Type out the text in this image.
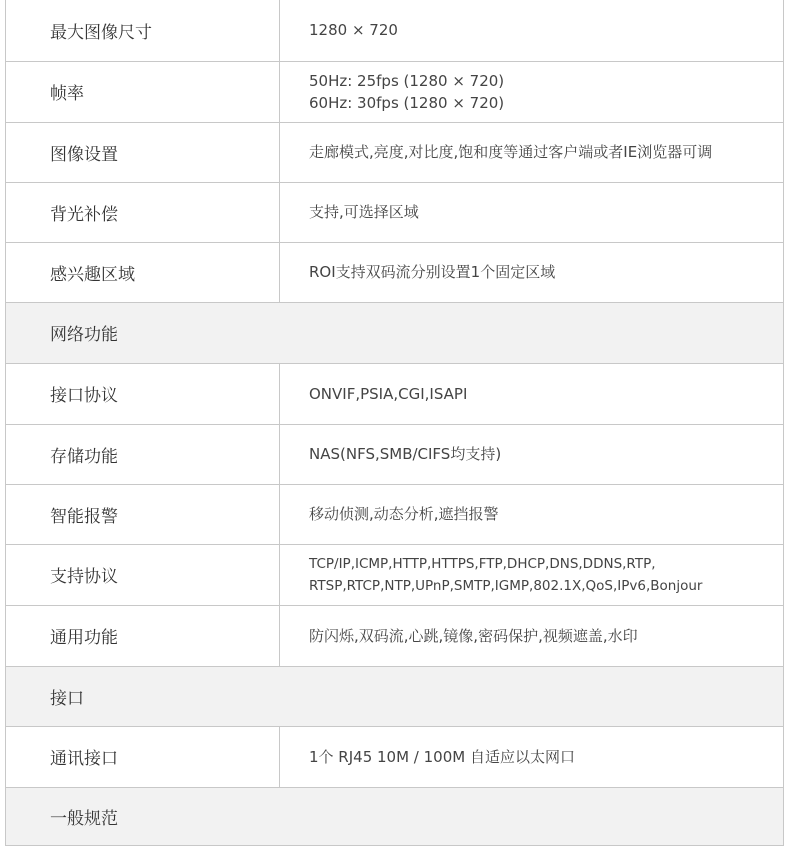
最大图像尺寸	1280 × 720

帧率	50Hz: 25fps (1280 × 720)
60Hz: 30fps (1280 × 720)

图像设置	走廊模式,亮度,对比度,饱和度等通过客户端或者IE浏览器可调

背光补偿	支持,可选择区域

感兴趣区域	ROI支持双码流分别设置1个固定区域

网络功能	
接口协议	ONVIF,PSIA,CGI,ISAPI

存储功能	NAS(NFS,SMB/CIFS均支持)

智能报警	移动侦测,动态分析,遮挡报警

支持协议	TCP/IP,ICMP,HTTP,HTTPS,FTP,DHCP,DNS,DDNS,RTP,
RTSP,RTCP,NTP,UPnP,SMTP,IGMP,802.1X,QoS,IPv6,Bonjour

通用功能	防闪烁,双码流,心跳,镜像,密码保护,视频遮盖,水印

接口	
通讯接口	1个 RJ45 10M / 100M 自适应以太网口

一般规范	
